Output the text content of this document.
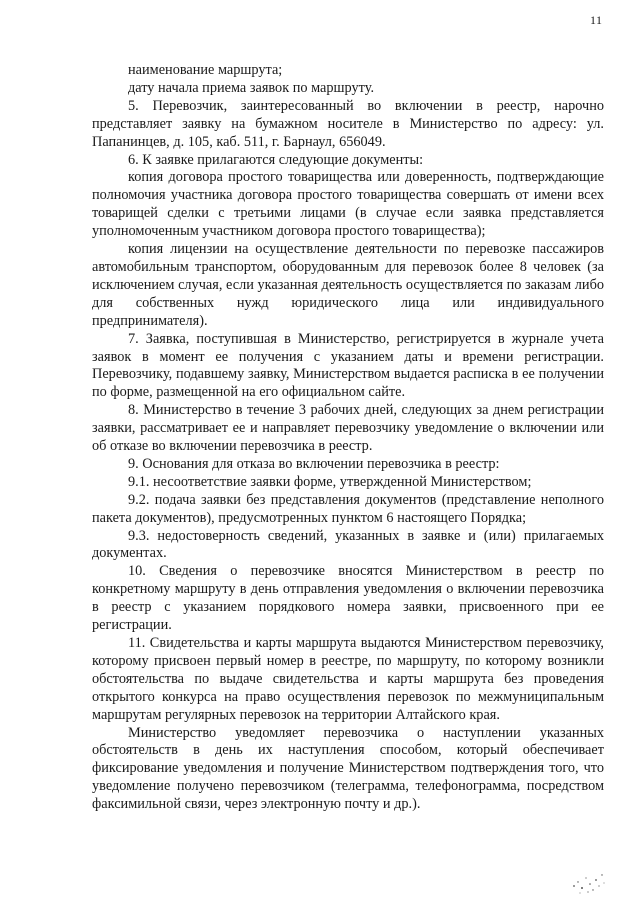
11

наименование маршрута;

дату начала приема заявок по маршруту.

5. Перевозчик, заинтересованный во включении в реестр, нарочно представляет заявку на бумажном носителе в Министерство по адресу: ул. Папанинцев, д. 105, каб. 511, г. Барнаул, 656049.

6. К заявке прилагаются следующие документы:

копия договора простого товарищества или доверенность, подтверждающие полномочия участника договора простого товарищества совершать от имени всех товарищей сделки с третьими лицами (в случае если заявка представляется уполномоченным участником договора простого товарищества);

копия лицензии на осуществление деятельности по перевозке пассажиров автомобильным транспортом, оборудованным для перевозок более 8 человек (за исключением случая, если указанная деятельность осуществляется по заказам либо для собственных нужд юридического лица или индивидуального предпринимателя).

7. Заявка, поступившая в Министерство, регистрируется в журнале учета заявок в момент ее получения с указанием даты и времени регистрации. Перевозчику, подавшему заявку, Министерством выдается расписка в ее получении по форме, размещенной на его официальном сайте.

8. Министерство в течение 3 рабочих дней, следующих за днем регистрации заявки, рассматривает ее и направляет перевозчику уведомление о включении или об отказе во включении перевозчика в реестр.

9. Основания для отказа во включении перевозчика в реестр:

9.1. несоответствие заявки форме, утвержденной Министерством;

9.2. подача заявки без представления документов (представление неполного пакета документов), предусмотренных пунктом 6 настоящего Порядка;

9.3. недостоверность сведений, указанных в заявке и (или) прилагаемых документах.

10. Сведения о перевозчике вносятся Министерством в реестр по конкретному маршруту в день отправления уведомления о включении перевозчика в реестр с указанием порядкового номера заявки, присвоенного при ее регистрации.

11. Свидетельства и карты маршрута выдаются Министерством перевозчику, которому присвоен первый номер в реестре, по маршруту, по которому возникли обстоятельства по выдаче свидетельства и карты маршрута без проведения открытого конкурса на право осуществления перевозок по межмуниципальным маршрутам регулярных перевозок на территории Алтайского края.

Министерство уведомляет перевозчика о наступлении указанных обстоятельств в день их наступления способом, который обеспечивает фиксирование уведомления и получение Министерством подтверждения того, что уведомление получено перевозчиком (телеграмма, телефонограмма, посредством факсимильной связи, через электронную почту и др.).
